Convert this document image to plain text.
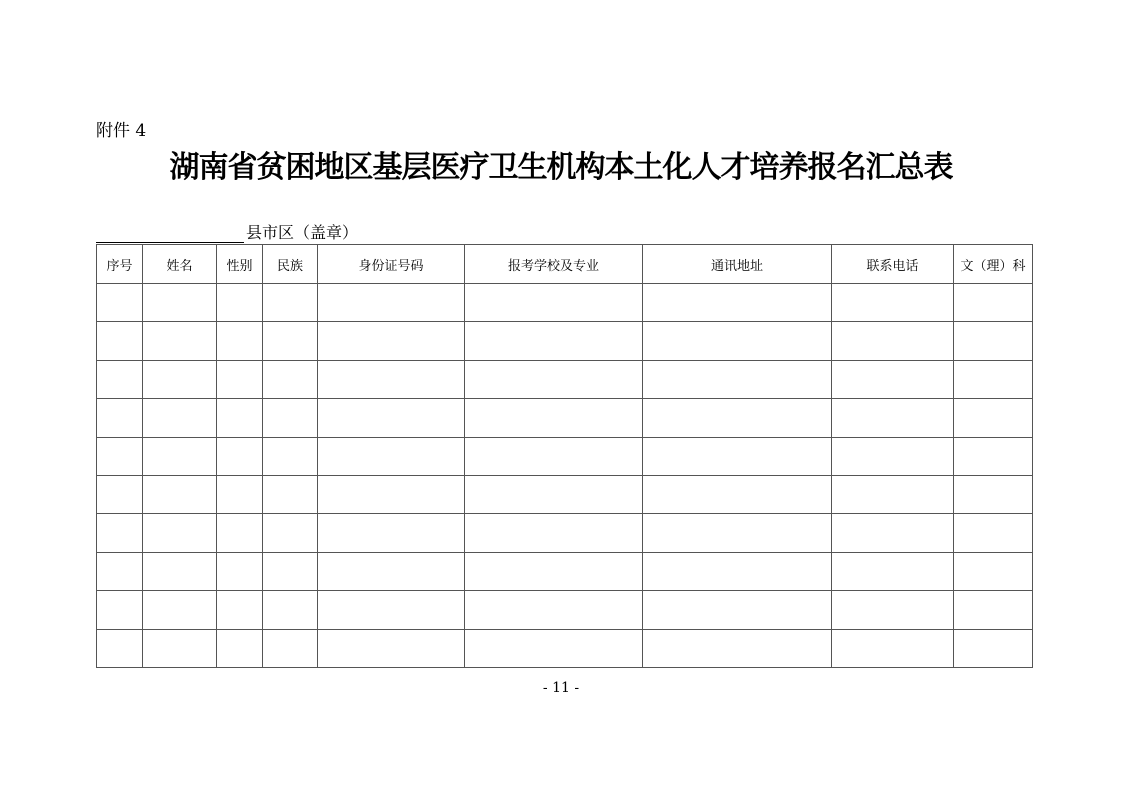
附件 4
湖南省贫困地区基层医疗卫生机构本土化人才培养报名汇总表
县市区（盖章）
序号	姓名	性别	民族	身份证号码	报考学校及专业	通讯地址	联系电话	文（理）科

- 11 -
